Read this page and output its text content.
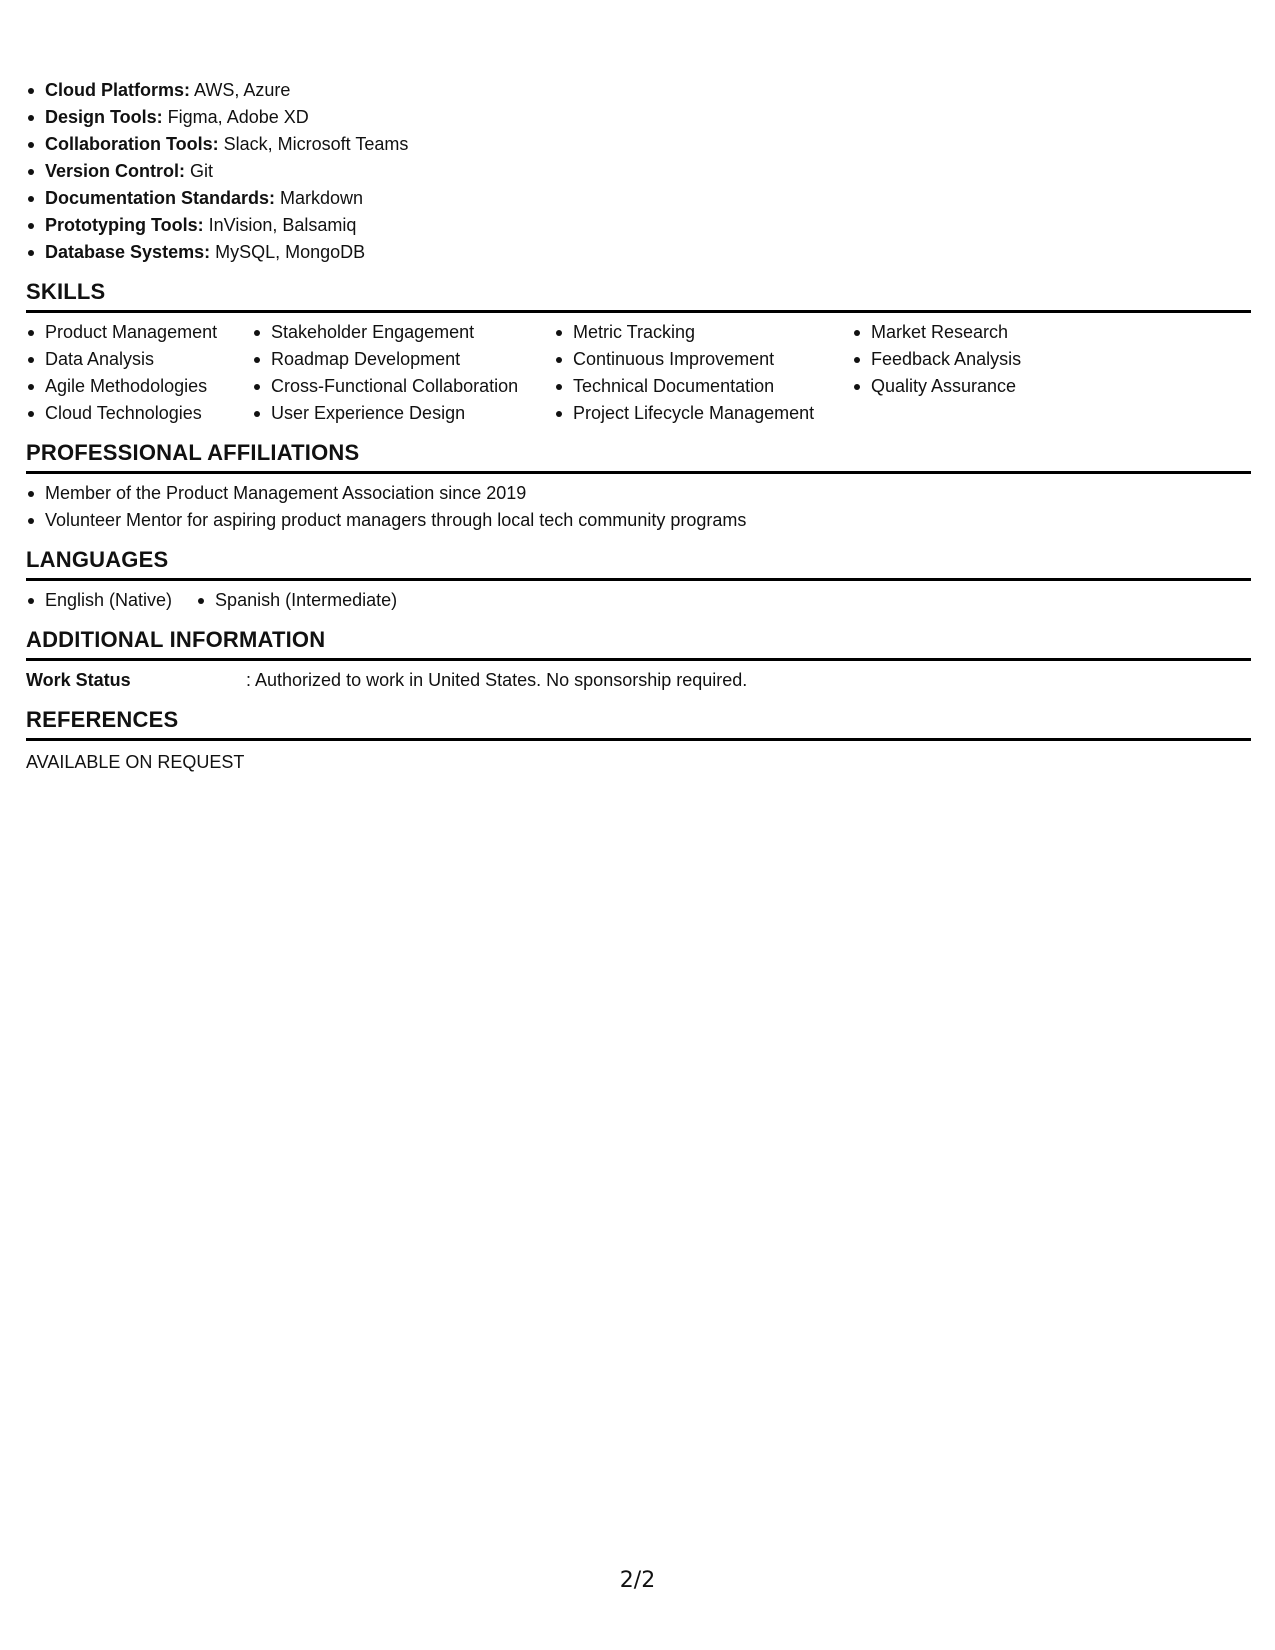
Cloud Platforms: AWS, Azure
Design Tools: Figma, Adobe XD
Collaboration Tools: Slack, Microsoft Teams
Version Control: Git
Documentation Standards: Markdown
Prototyping Tools: InVision, Balsamiq
Database Systems: MySQL, MongoDB
SKILLS
Product Management
Data Analysis
Agile Methodologies
Cloud Technologies
Stakeholder Engagement
Roadmap Development
Cross-Functional Collaboration
User Experience Design
Metric Tracking
Continuous Improvement
Technical Documentation
Project Lifecycle Management
Market Research
Feedback Analysis
Quality Assurance
PROFESSIONAL AFFILIATIONS
Member of the Product Management Association since 2019
Volunteer Mentor for aspiring product managers through local tech community programs
LANGUAGES
English (Native)	Spanish (Intermediate)
ADDITIONAL INFORMATION
Work Status	: Authorized to work in United States. No sponsorship required.
REFERENCES
AVAILABLE ON REQUEST
2/2
